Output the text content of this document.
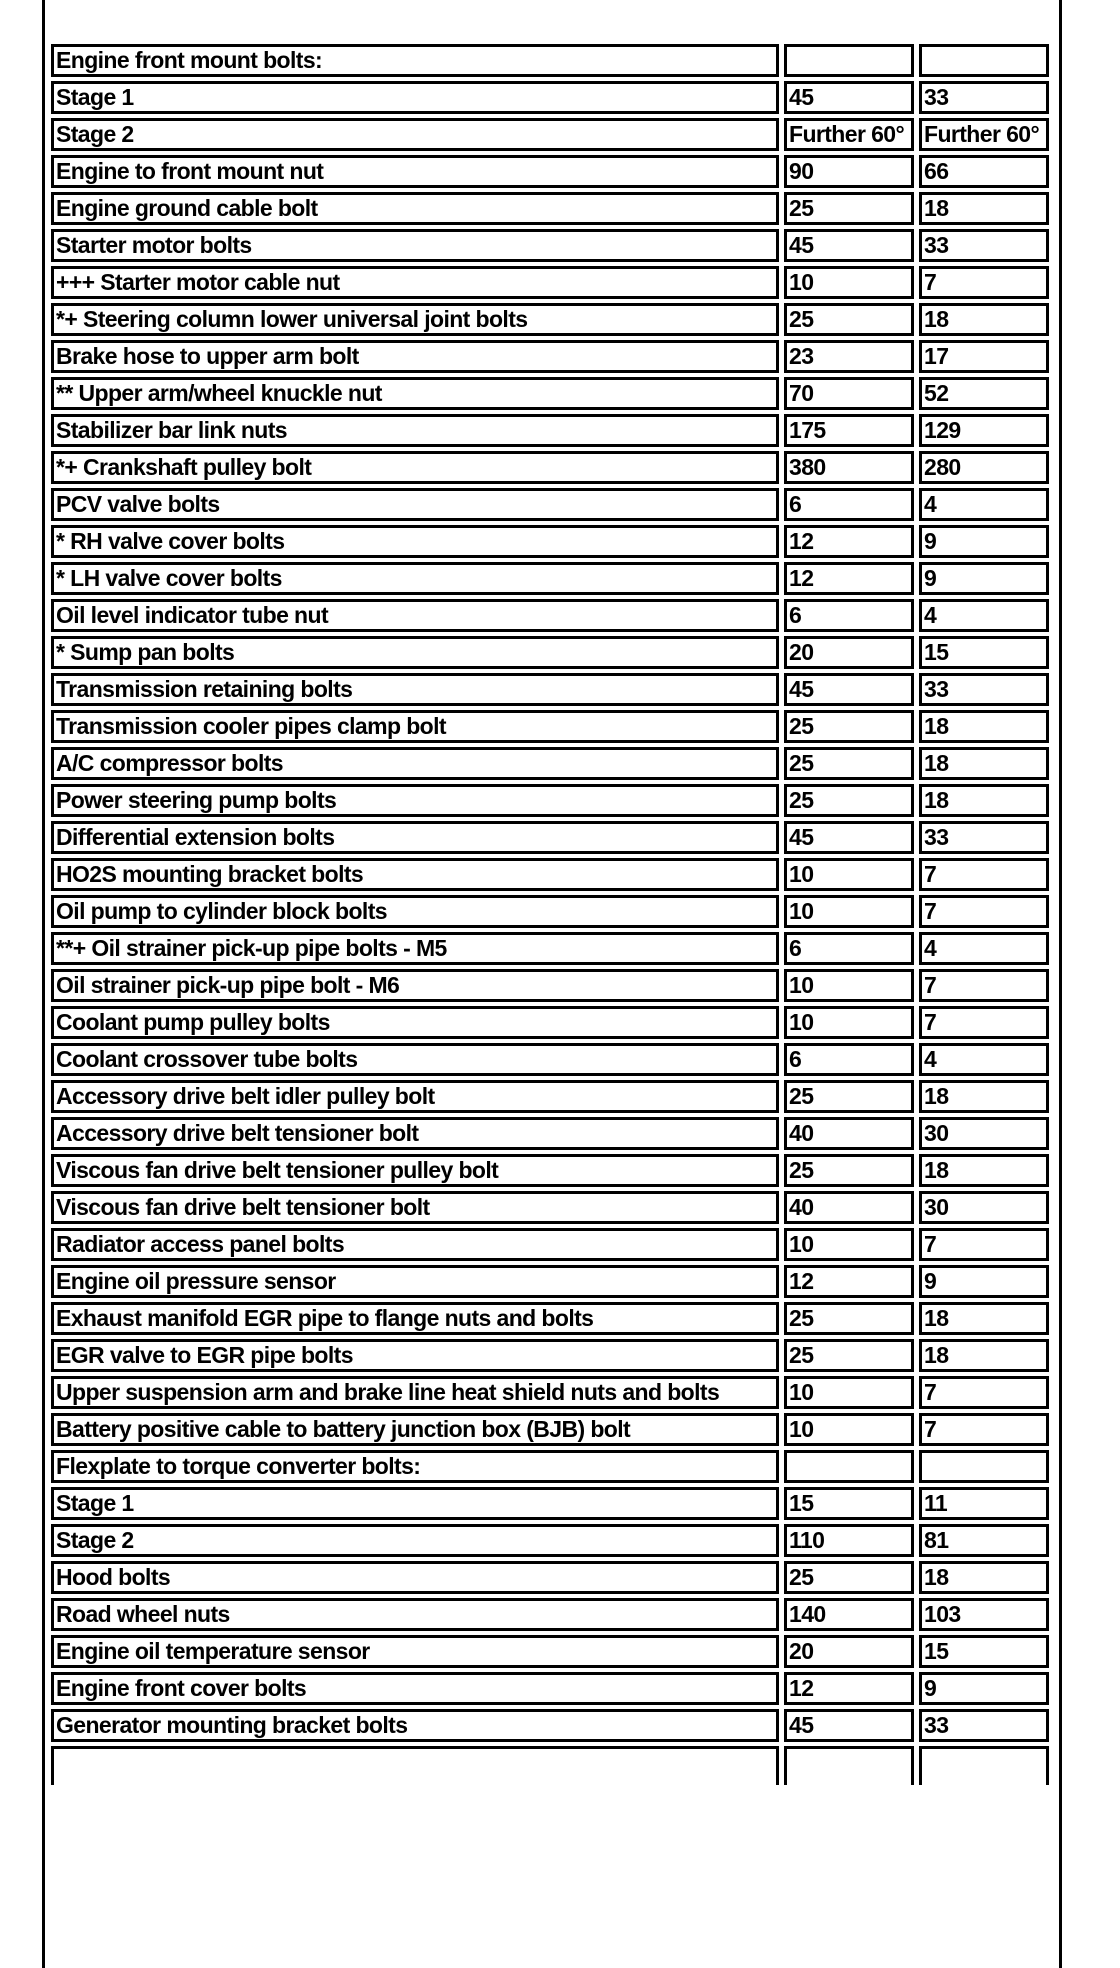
Engine front mount bolts:		
Stage 1	45	33
Stage 2	Further 60°	Further 60°
Engine to front mount nut	90	66
Engine ground cable bolt	25	18
Starter motor bolts	45	33
+++ Starter motor cable nut	10	7
*+ Steering column lower universal joint bolts	25	18
Brake hose to upper arm bolt	23	17
** Upper arm/wheel knuckle nut	70	52
Stabilizer bar link nuts	175	129
*+ Crankshaft pulley bolt	380	280
PCV valve bolts	6	4
* RH valve cover bolts	12	9
* LH valve cover bolts	12	9
Oil level indicator tube nut	6	4
* Sump pan bolts	20	15
Transmission retaining bolts	45	33
Transmission cooler pipes clamp bolt	25	18
A/C compressor bolts	25	18
Power steering pump bolts	25	18
Differential extension bolts	45	33
HO2S mounting bracket bolts	10	7
Oil pump to cylinder block bolts	10	7
**+ Oil strainer pick-up pipe bolts - M5	6	4
Oil strainer pick-up pipe bolt - M6	10	7
Coolant pump pulley bolts	10	7
Coolant crossover tube bolts	6	4
Accessory drive belt idler pulley bolt	25	18
Accessory drive belt tensioner bolt	40	30
Viscous fan drive belt tensioner pulley bolt	25	18
Viscous fan drive belt tensioner bolt	40	30
Radiator access panel bolts	10	7
Engine oil pressure sensor	12	9
Exhaust manifold EGR pipe to flange nuts and bolts	25	18
EGR valve to EGR pipe bolts	25	18
Upper suspension arm and brake line heat shield nuts and bolts	10	7
Battery positive cable to battery junction box (BJB) bolt	10	7
Flexplate to torque converter bolts:		
Stage 1	15	11
Stage 2	110	81
Hood bolts	25	18
Road wheel nuts	140	103
Engine oil temperature sensor	20	15
Engine front cover bolts	12	9
Generator mounting bracket bolts	45	33
